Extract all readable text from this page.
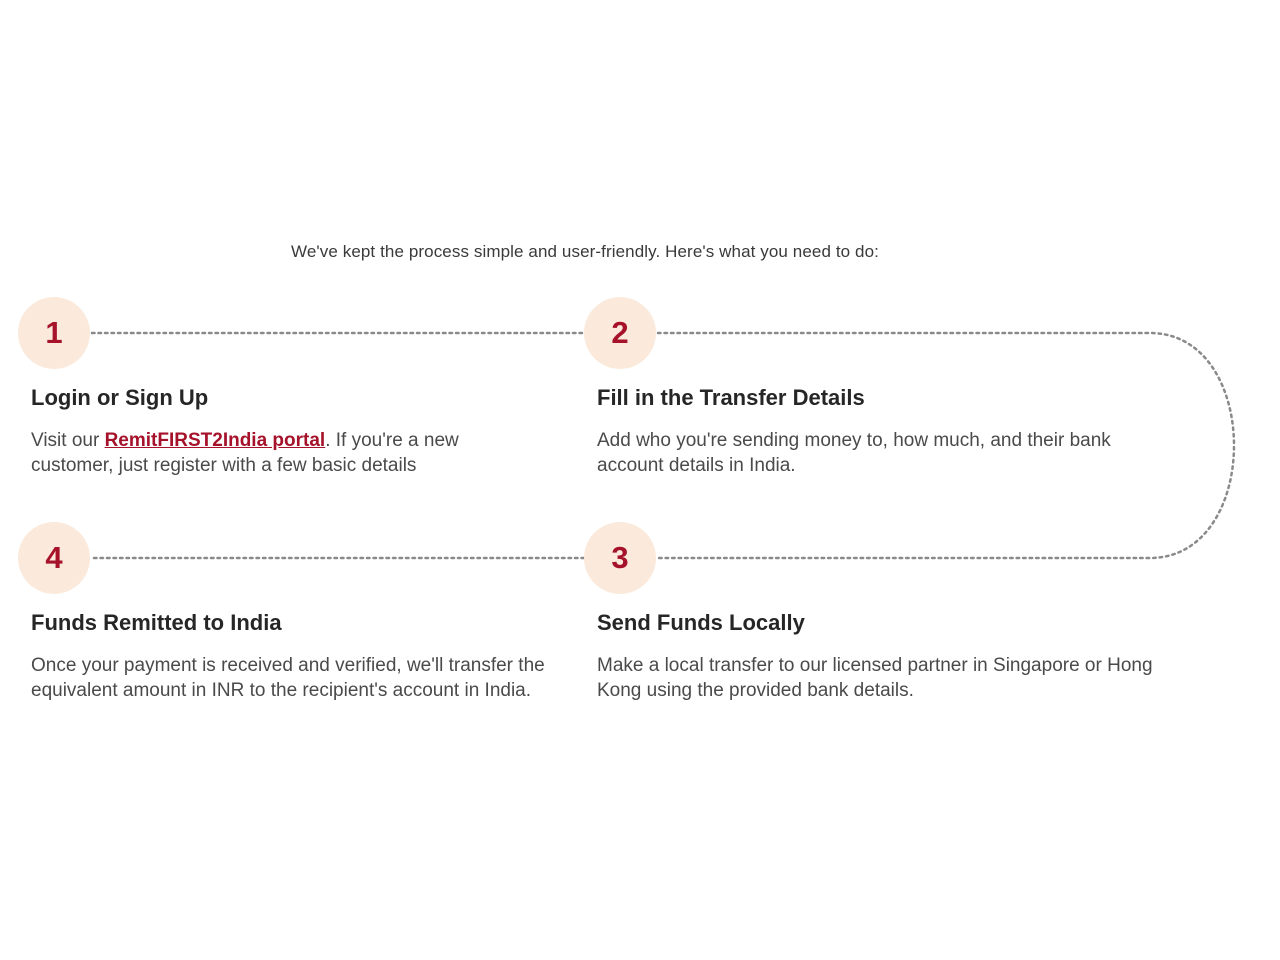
We've kept the process simple and user-friendly. Here's what you need to do:
1
Login or Sign Up
Visit our RemitFIRST2India portal. If you're a new customer, just register with a few basic details
2
Fill in the Transfer Details
Add who you're sending money to, how much, and their bank account details in India.
4
Funds Remitted to India
Once your payment is received and verified, we'll transfer the equivalent amount in INR to the recipient's account in India.
3
Send Funds Locally
Make a local transfer to our licensed partner in Singapore or Hong Kong using the provided bank details.
